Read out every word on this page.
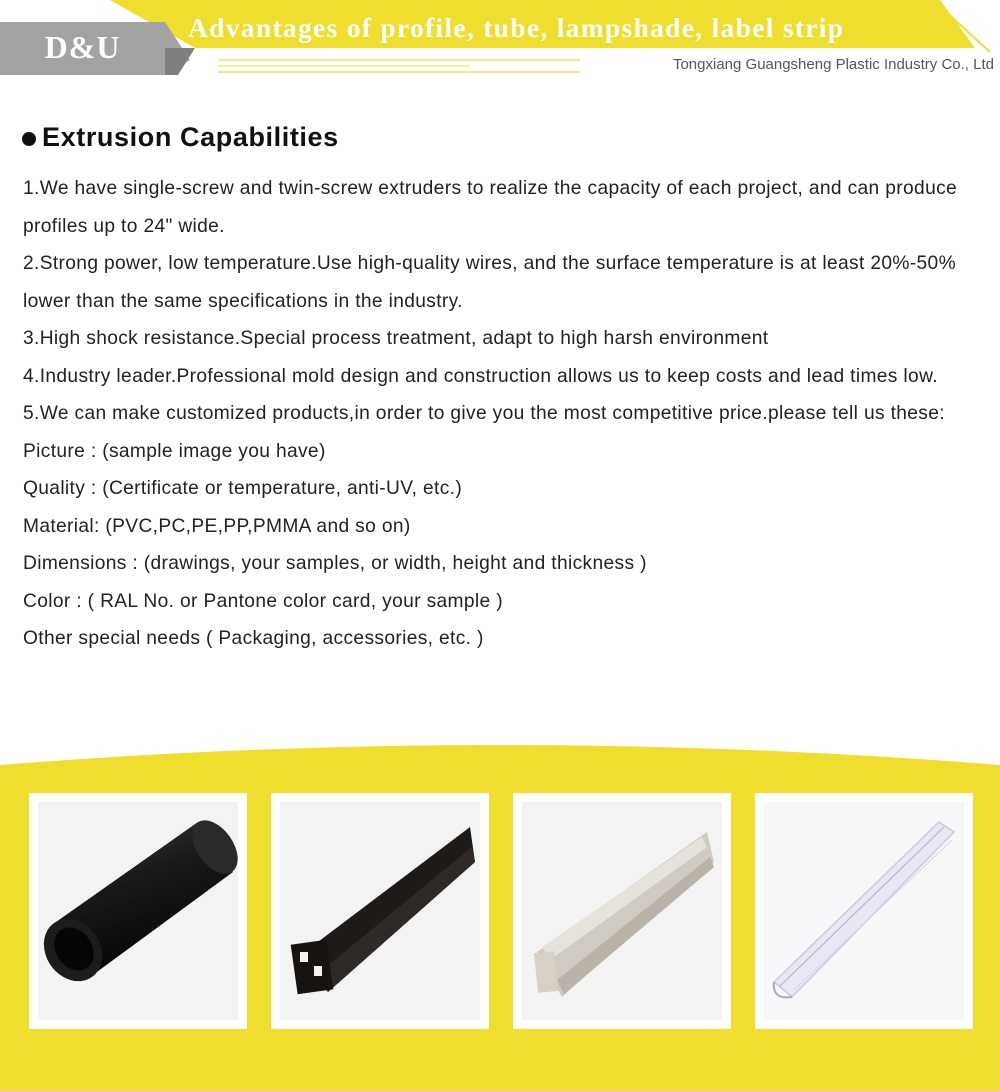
D&U
Advantages of profile, tube, lampshade, label strip
Tongxiang Guangsheng Plastic Industry Co., Ltd
Extrusion Capabilities

1.We have single-screw and twin-screw extruders to realize the capacity of each project, and can produce profiles up to 24" wide.

2.Strong power, low temperature.Use high-quality wires, and the surface temperature is at least 20%-50% lower than the same specifications in the industry.

3.High shock resistance.Special process treatment, adapt to high harsh environment

4.Industry leader.Professional mold design and construction allows us to keep costs and lead times low.

5.We can make customized products,in order to give you the most competitive price.please tell us these:

Picture : (sample image you have)

Quality : (Certificate or temperature, anti-UV, etc.)

Material: (PVC,PC,PE,PP,PMMA and so on)

Dimensions : (drawings, your samples, or width, height and thickness )

Color : ( RAL No. or Pantone color card, your sample )

Other special needs ( Packaging, accessories, etc. )
